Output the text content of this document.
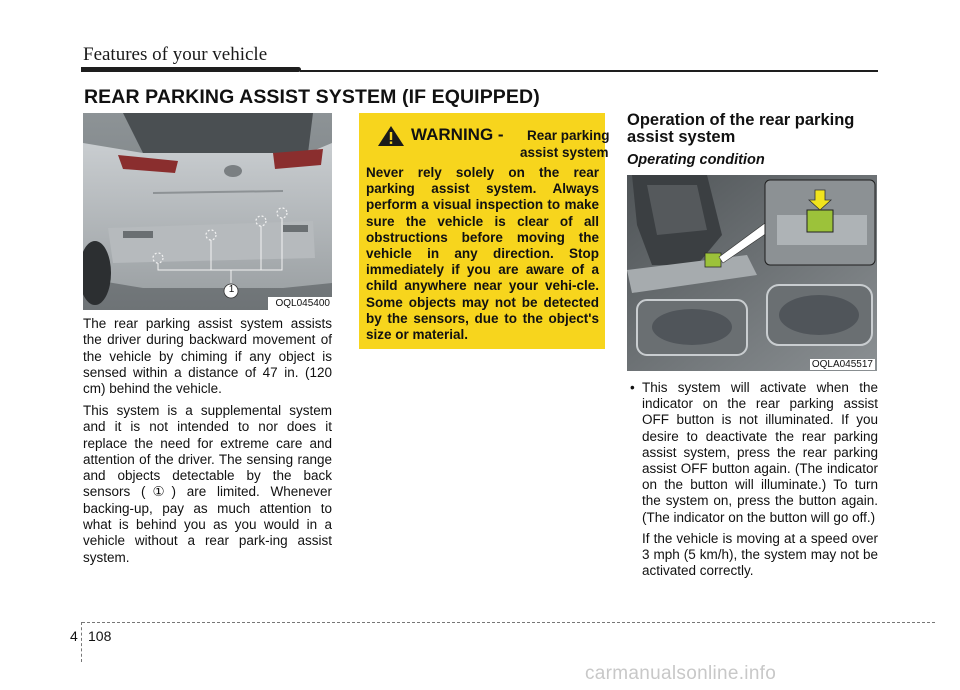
Features of your vehicle
REAR PARKING ASSIST SYSTEM (IF EQUIPPED)
1
OQL045400
The rear parking assist system assists the driver during backward movement of the vehicle by chiming if any object is sensed within a distance of 47 in. (120 cm) behind the vehicle.
This system is a supplemental system and it is not intended to nor does it replace the need for extreme care and attention of the driver. The sensing range and objects detectable by the back sensors (①) are limited. Whenever backing-up, pay as much attention to what is behind you as you would in a vehicle without a rear park-ing assist system.
WARNING - Rear parking
assist system
Never rely solely on the rear parking assist system. Always perform a visual inspection to make sure the vehicle is clear of all obstructions before moving the vehicle in any direction. Stop immediately if you are aware of a child anywhere near your vehi-cle. Some objects may not be detected by the sensors, due to the object's size or material.
Operation of the rear parking assist system
Operating condition
OQLA045517
• This system will activate when the indicator on the rear parking assist OFF button is not illuminated. If you desire to deactivate the rear parking assist system, press the rear parking assist OFF button again. (The indicator on the button will illuminate.) To turn the system on, press the button again. (The indicator on the button will go off.)
If the vehicle is moving at a speed over 3 mph (5 km/h), the system may not be activated correctly.
4 108
carmanualsonline.info
